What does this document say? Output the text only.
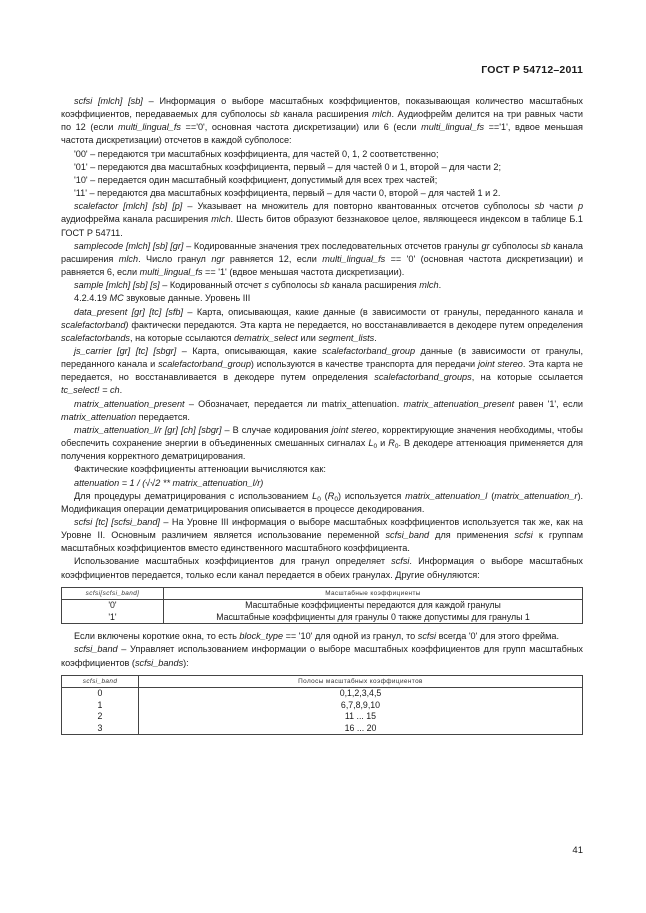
ГОСТ Р 54712–2011

scfsi [mlch] [sb] – Информация о выборе масштабных коэффициентов, показывающая количество масштабных коэффициентов, передаваемых для субполосы sb канала расширения mlch. Аудиофрейм делится на три равных части по 12 (если multi_lingual_fs =='0', основная частота дискретизации) или 6 (если multi_lingual_fs =='1', вдвое меньшая частота дискретизации) отсчетов в каждой субполосе:

'00' – передаются три масштабных коэффициента, для частей 0, 1, 2 соответственно;

'01' – передаются два масштабных коэффициента, первый – для частей 0 и 1, второй – для части 2;

'10' – передается один масштабный коэффициент, допустимый для всех трех частей;

'11' – передаются два масштабных коэффициента, первый – для части 0, второй – для частей 1 и 2.

scalefactor [mlch] [sb] [p] – Указывает на множитель для повторно квантованных отсчетов субполосы sb части p аудиофрейма канала расширения mlch. Шесть битов образуют беззнаковое целое, являющееся индексом в таблице Б.1 ГОСТ Р 54711.

samplecode [mlch] [sb] [gr] – Кодированные значения трех последовательных отсчетов гранулы gr субполосы sb канала расширения mlch. Число гранул ngr равняется 12, если multi_lingual_fs == '0' (основная частота дискретизации) и равняется 6, если multi_lingual_fs == '1' (вдвое меньшая частота дискретизации).

sample [mlch] [sb] [s] – Кодированный отсчет s субполосы sb канала расширения mlch.

4.2.4.19 MC звуковые данные. Уровень III

data_present [gr] [tc] [sfb] – Карта, описывающая, какие данные (в зависимости от гранулы, переданного канала и scalefactorband) фактически передаются. Эта карта не передается, но восстанавливается в декодере путем определения scalefactorbands, на которые ссылаются dematrix_select или segment_lists.

js_carrier [gr] [tc] [sbgr] – Карта, описывающая, какие scalefactorband_group данные (в зависимости от гранулы, переданного канала и scalefactorband_group) используются в качестве транспорта для передачи joint stereo. Эта карта не передается, но восстанавливается в декодере путем определения scalefactorband_groups, на которые ссылается tc_select! = ch.

matrix_attenuation_present – Обозначает, передается ли matrix_attenuation. matrix_attenuation_present равен '1', если matrix_attenuation передается.

matrix_attenuation_l/r [gr] [ch] [sbgr] – В случае кодирования joint stereo, корректирующие значения необходимы, чтобы обеспечить сохранение энергии в объединенных смешанных сигналах $L_0$ и $R_0$. В декодере аттенюация применяется для получения корректного дематрицирования.

Фактические коэффициенты аттенюации вычисляются как:

attenuation = 1 / (√√2 ** matrix_attenuation_l/r)

Для процедуры дематрицирования с использованием $L_0$ $(R_0)$ используется matrix_attenuation_l (matrix_attenuation_r). Модификация операции дематрицирования описывается в процессе декодирования.

scfsi [tc] [scfsi_band] – На Уровне III информация о выборе масштабных коэффициентов используется так же, как на Уровне II. Основным различием является использование переменной scfsi_band для применения scfsi к группам масштабных коэффициентов вместо единственного масштабного коэффициента.

Использование масштабных коэффициентов для гранул определяет scfsi. Информация о выборе масштабных коэффициентов передается, только если канал передается в обеих гранулах. Другие обнуляются:

scfsi[scfsi_band]	Масштабные коэффициенты
'0'	Масштабные коэффициенты передаются для каждой гранулы
'1'	Масштабные коэффициенты для гранулы 0 также допустимы для гранулы 1

Если включены короткие окна, то есть block_type == '10' для одной из гранул, то scfsi всегда '0' для этого фрейма.

scfsi_band – Управляет использованием информации о выборе масштабных коэффициентов для групп масштабных коэффициентов (scfsi_bands):

scfsi_band	Полосы масштабных коэффициентов
0	0,1,2,3,4,5
1	6,7,8,9,10
2	11 ... 15
3	16 ... 20
41
